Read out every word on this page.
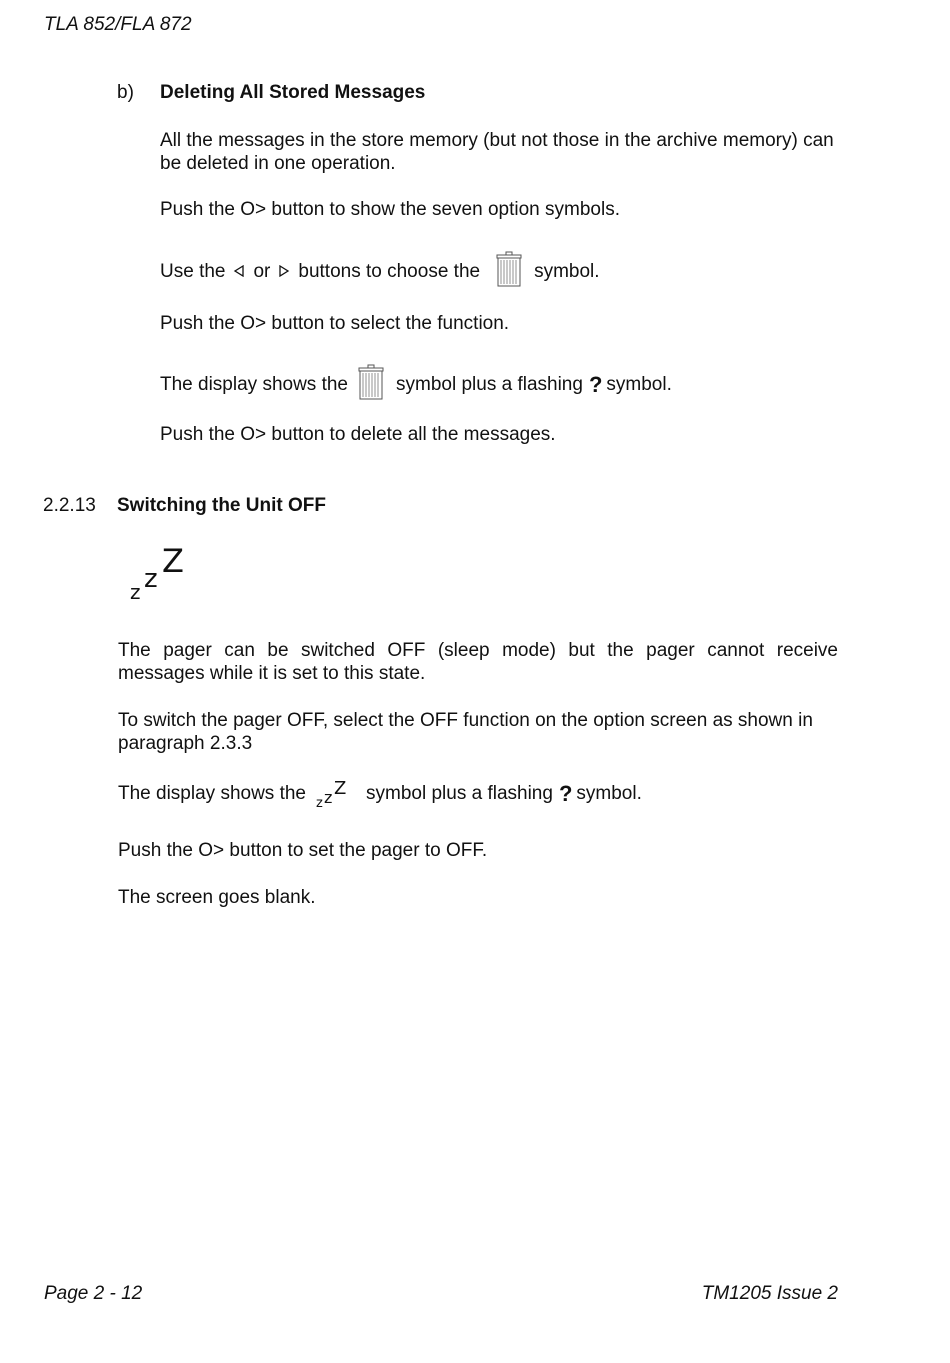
TLA 852/FLA 872
b) Deleting All Stored Messages
All the messages in the store memory (but not those in the archive memory) can be deleted in one operation.
Push the O> button to show the seven option symbols.
Use the or buttons to choose the	symbol.
Push the O> button to select the function.
The display shows the	symbol plus a flashing ? symbol.
Push the O> button to delete all the messages.
2.2.13 Switching the Unit OFF
z z Z
The pager can be switched OFF (sleep mode) but the pager cannot receive messages while it is set to this state.
To switch the pager OFF, select the OFF function on the option screen as shown in paragraph 2.3.3
The display shows the z z Z symbol plus a flashing ? symbol.
Push the O> button to set the pager to OFF.
The screen goes blank.
Page 2 - 12	TM1205 Issue 2
